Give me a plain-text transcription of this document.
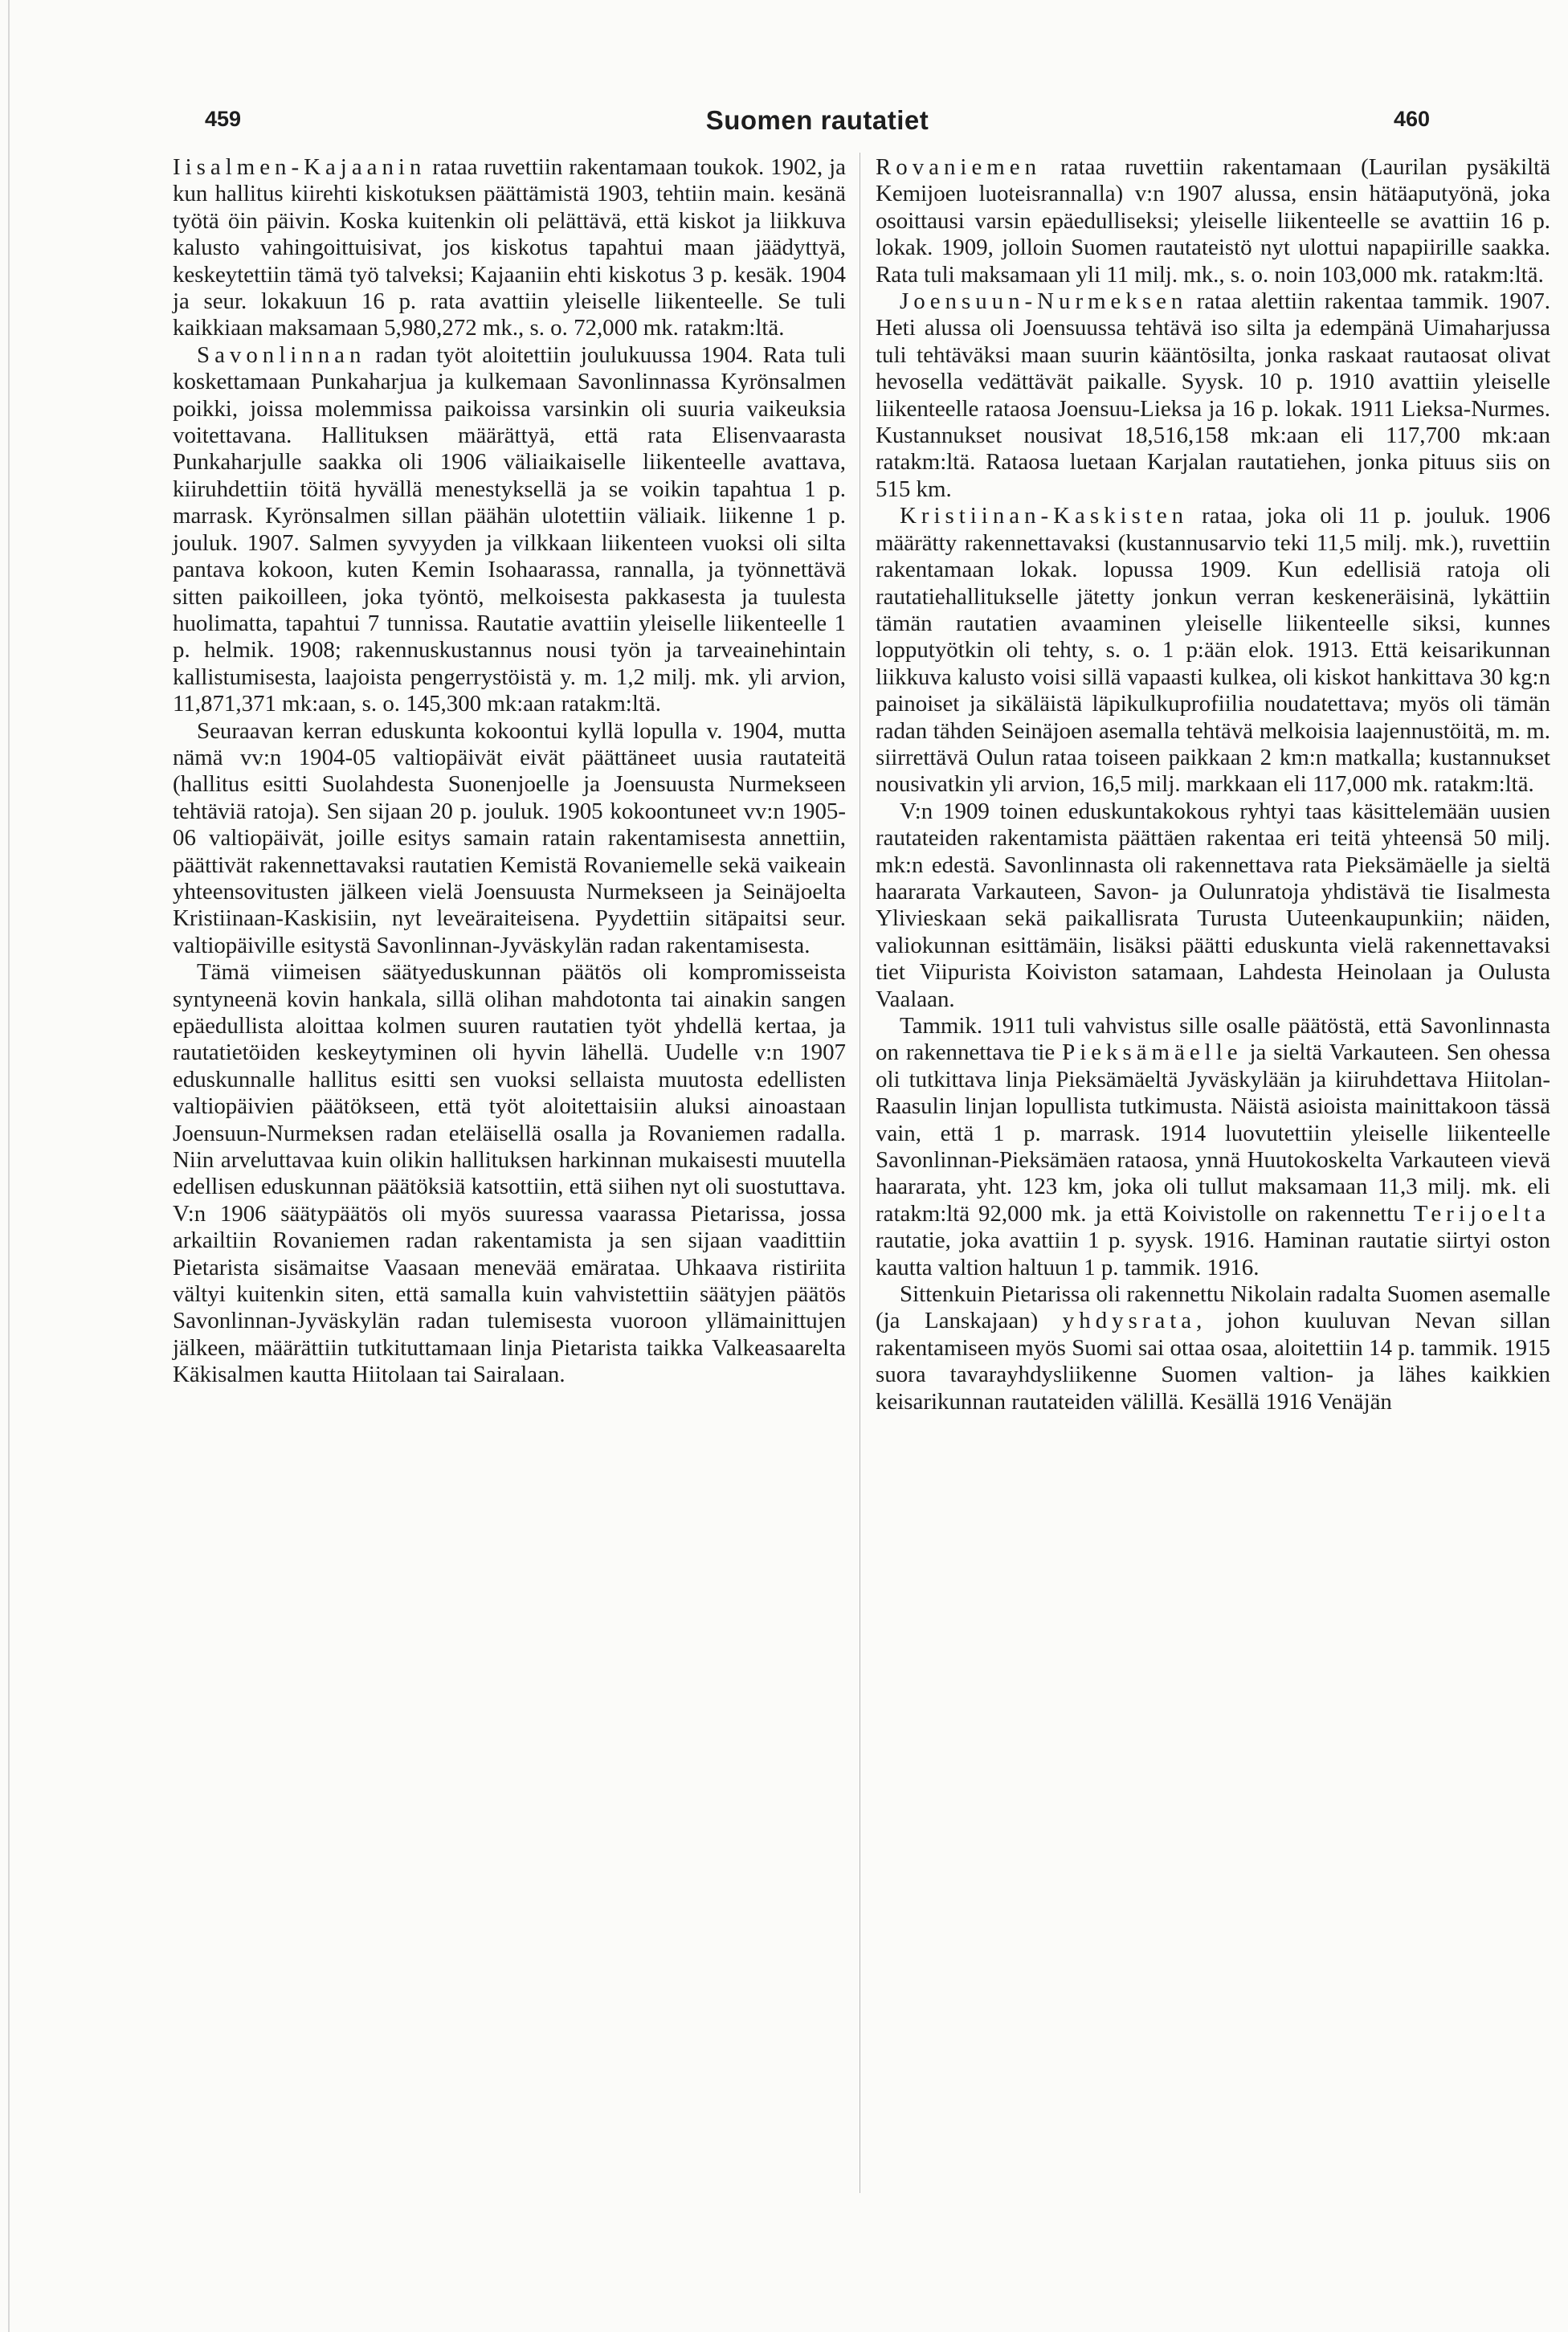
459	Suomen rautatiet	460

Iisalmen-Kajaanin rataa ruvettiin rakentamaan toukok. 1902, ja kun hallitus kiirehti kiskotuksen päättämistä 1903, tehtiin main. kesänä työtä öin päivin. Koska kuitenkin oli pelättävä, että kiskot ja liikkuva kalusto vahingoittuisivat, jos kiskotus tapahtui maan jäädyttyä, keskeytettiin tämä työ talveksi; Kajaaniin ehti kiskotus 3 p. kesäk. 1904 ja seur. lokakuun 16 p. rata avattiin yleiselle liikenteelle. Se tuli kaikkiaan maksamaan 5,980,272 mk., s. o. 72,000 mk. ratakm:ltä.

Savonlinnan radan työt aloitettiin joulukuussa 1904. Rata tuli koskettamaan Punkaharjua ja kulkemaan Savonlinnassa Kyrönsalmen poikki, joissa molemmissa paikoissa varsinkin oli suuria vaikeuksia voitettavana. Hallituksen määrättyä, että rata Elisenvaarasta Punkaharjulle saakka oli 1906 väliaikaiselle liikenteelle avattava, kiiruhdettiin töitä hyvällä menestyksellä ja se voikin tapahtua 1 p. marrask. Kyrönsalmen sillan päähän ulotettiin väliaik. liikenne 1 p. jouluk. 1907. Salmen syvyyden ja vilkkaan liikenteen vuoksi oli silta pantava kokoon, kuten Kemin Isohaarassa, rannalla, ja työnnettävä sitten paikoilleen, joka työntö, melkoisesta pakkasesta ja tuulesta huolimatta, tapahtui 7 tunnissa. Rautatie avattiin yleiselle liikenteelle 1 p. helmik. 1908; rakennuskustannus nousi työn ja tarveainehintain kallistumisesta, laajoista pengerrystöistä y. m. 1,2 milj. mk. yli arvion, 11,871,371 mk:aan, s. o. 145,300 mk:aan ratakm:ltä.

Seuraavan kerran eduskunta kokoontui kyllä lopulla v. 1904, mutta nämä vv:n 1904-05 valtiopäivät eivät päättäneet uusia rautateitä (hallitus esitti Suolahdesta Suonenjoelle ja Joensuusta Nurmekseen tehtäviä ratoja). Sen sijaan 20 p. jouluk. 1905 kokoontuneet vv:n 1905-06 valtiopäivät, joille esitys samain ratain rakentamisesta annettiin, päättivät rakennettavaksi rautatien Kemistä Rovaniemelle sekä vaikeain yhteensovitusten jälkeen vielä Joensuusta Nurmekseen ja Seinäjoelta Kristiinaan-Kaskisiin, nyt leveäraiteisena. Pyydettiin sitäpaitsi seur. valtiopäiville esitystä Savonlinnan-Jyväskylän radan rakentamisesta.

Tämä viimeisen säätyeduskunnan päätös oli kompromisseista syntyneenä kovin hankala, sillä olihan mahdotonta tai ainakin sangen epäedullista aloittaa kolmen suuren rautatien työt yhdellä kertaa, ja rautatietöiden keskeytyminen oli hyvin lähellä. Uudelle v:n 1907 eduskunnalle hallitus esitti sen vuoksi sellaista muutosta edellisten valtiopäivien päätökseen, että työt aloitettaisiin aluksi ainoastaan Joensuun-Nurmeksen radan eteläisellä osalla ja Rovaniemen radalla. Niin arveluttavaa kuin olikin hallituksen harkinnan mukaisesti muutella edellisen eduskunnan päätöksiä katsottiin, että siihen nyt oli suostuttava. V:n 1906 säätypäätös oli myös suuressa vaarassa Pietarissa, jossa arkailtiin Rovaniemen radan rakentamista ja sen sijaan vaadittiin Pietarista sisämaitse Vaasaan menevää emärataa. Uhkaava ristiriita vältyi kuitenkin siten, että samalla kuin vahvistettiin säätyjen päätös Savonlinnan-Jyväskylän radan tulemisesta vuoroon yllämainittujen jälkeen, määrättiin tutkituttamaan linja Pietarista taikka Valkeasaarelta Käkisalmen kautta Hiitolaan tai Sairalaan.

Rovaniemen rataa ruvettiin rakentamaan (Laurilan pysäkiltä Kemijoen luoteisrannalla) v:n 1907 alussa, ensin hätäaputyönä, joka osoittausi varsin epäedulliseksi; yleiselle liikenteelle se avattiin 16 p. lokak. 1909, jolloin Suomen rautateistö nyt ulottui napapiirille saakka. Rata tuli maksamaan yli 11 milj. mk., s. o. noin 103,000 mk. ratakm:ltä.

Joensuun-Nurmeksen rataa alettiin rakentaa tammik. 1907. Heti alussa oli Joensuussa tehtävä iso silta ja edempänä Uimaharjussa tuli tehtäväksi maan suurin kääntösilta, jonka raskaat rautaosat olivat hevosella vedättävät paikalle. Syysk. 10 p. 1910 avattiin yleiselle liikenteelle rataosa Joensuu-Lieksa ja 16 p. lokak. 1911 Lieksa-Nurmes. Kustannukset nousivat 18,516,158 mk:aan eli 117,700 mk:aan ratakm:ltä. Rataosa luetaan Karjalan rautatiehen, jonka pituus siis on 515 km.

Kristiinan-Kaskisten rataa, joka oli 11 p. jouluk. 1906 määrätty rakennettavaksi (kustannusarvio teki 11,5 milj. mk.), ruvettiin rakentamaan lokak. lopussa 1909. Kun edellisiä ratoja oli rautatiehallitukselle jätetty jonkun verran keskeneräisinä, lykättiin tämän rautatien avaaminen yleiselle liikenteelle siksi, kunnes lopputyötkin oli tehty, s. o. 1 p:ään elok. 1913. Että keisarikunnan liikkuva kalusto voisi sillä vapaasti kulkea, oli kiskot hankittava 30 kg:n painoiset ja sikäläistä läpikulkuprofiilia noudatettava; myös oli tämän radan tähden Seinäjoen asemalla tehtävä melkoisia laajennustöitä, m. m. siirrettävä Oulun rataa toiseen paikkaan 2 km:n matkalla; kustannukset nousivatkin yli arvion, 16,5 milj. markkaan eli 117,000 mk. ratakm:ltä.

V:n 1909 toinen eduskuntakokous ryhtyi taas käsittelemään uusien rautateiden rakentamista päättäen rakentaa eri teitä yhteensä 50 milj. mk:n edestä. Savonlinnasta oli rakennettava rata Pieksämäelle ja sieltä haararata Varkauteen, Savon- ja Oulunratoja yhdistävä tie Iisalmesta Ylivieskaan sekä paikallisrata Turusta Uuteenkaupunkiin; näiden, valiokunnan esittämäin, lisäksi päätti eduskunta vielä rakennettavaksi tiet Viipurista Koiviston satamaan, Lahdesta Heinolaan ja Oulusta Vaalaan.

Tammik. 1911 tuli vahvistus sille osalle päätöstä, että Savonlinnasta on rakennettava tie Pieksämäelle ja sieltä Varkauteen. Sen ohessa oli tutkittava linja Pieksämäeltä Jyväskylään ja kiiruhdettava Hiitolan-Raasulin linjan lopullista tutkimusta. Näistä asioista mainittakoon tässä vain, että 1 p. marrask. 1914 luovutettiin yleiselle liikenteelle Savonlinnan-Pieksämäen rataosa, ynnä Huutokoskelta Varkauteen vievä haararata, yht. 123 km, joka oli tullut maksamaan 11,3 milj. mk. eli ratakm:ltä 92,000 mk. ja että Koivistolle on rakennettu Terijoelta rautatie, joka avattiin 1 p. syysk. 1916. Haminan rautatie siirtyi oston kautta valtion haltuun 1 p. tammik. 1916.

Sittenkuin Pietarissa oli rakennettu Nikolain radalta Suomen asemalle (ja Lanskajaan) yhdysrata, johon kuuluvan Nevan sillan rakentamiseen myös Suomi sai ottaa osaa, aloitettiin 14 p. tammik. 1915 suora tavarayhdysliikenne Suomen valtion- ja lähes kaikkien keisarikunnan rautateiden välillä. Kesällä 1916 Venäjän
